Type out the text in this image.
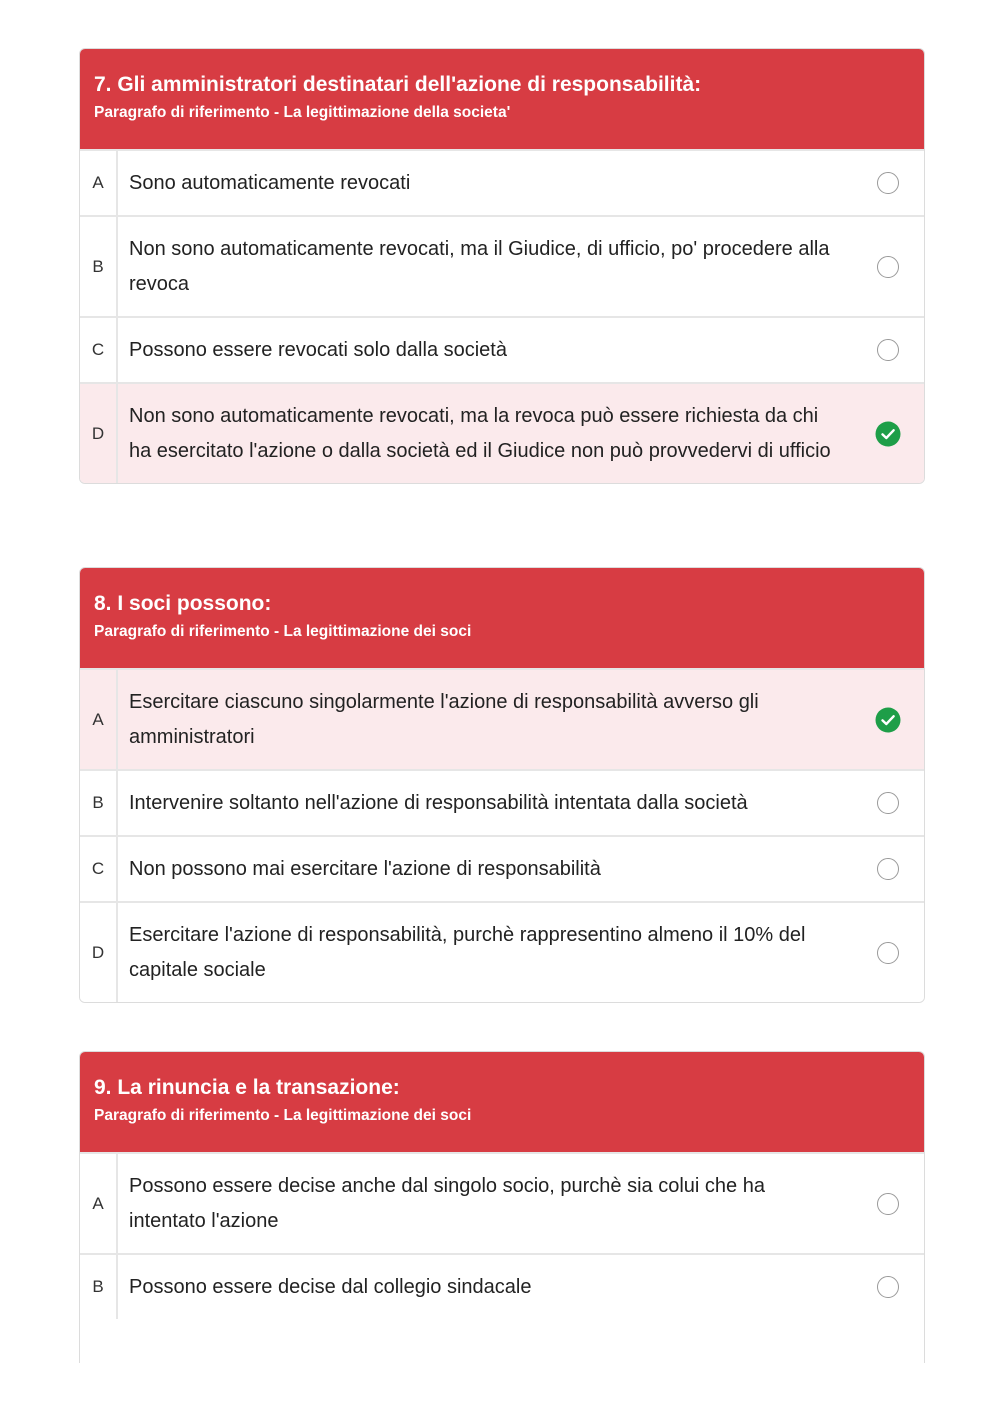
7. Gli amministratori destinatari dell'azione di responsabilità:
Paragrafo di riferimento - La legittimazione della societa'
A	Sono automaticamente revocati
B
Non sono automaticamente revocati, ma il Giudice, di ufficio, po' procedere alla revoca
C	Possono essere revocati solo dalla società
D
Non sono automaticamente revocati, ma la revoca può essere richiesta da chi ha esercitato l'azione o dalla società ed il Giudice non può provvedervi di ufficio
8. I soci possono:
Paragrafo di riferimento - La legittimazione dei soci
A
Esercitare ciascuno singolarmente l'azione di responsabilità avverso gli amministratori
B	Intervenire soltanto nell'azione di responsabilità intentata dalla società
C	Non possono mai esercitare l'azione di responsabilità
D
Esercitare l'azione di responsabilità, purchè rappresentino almeno il 10% del capitale sociale
9. La rinuncia e la transazione:
Paragrafo di riferimento - La legittimazione dei soci
A
Possono essere decise anche dal singolo socio, purchè sia colui che ha intentato l'azione
B	Possono essere decise dal collegio sindacale
